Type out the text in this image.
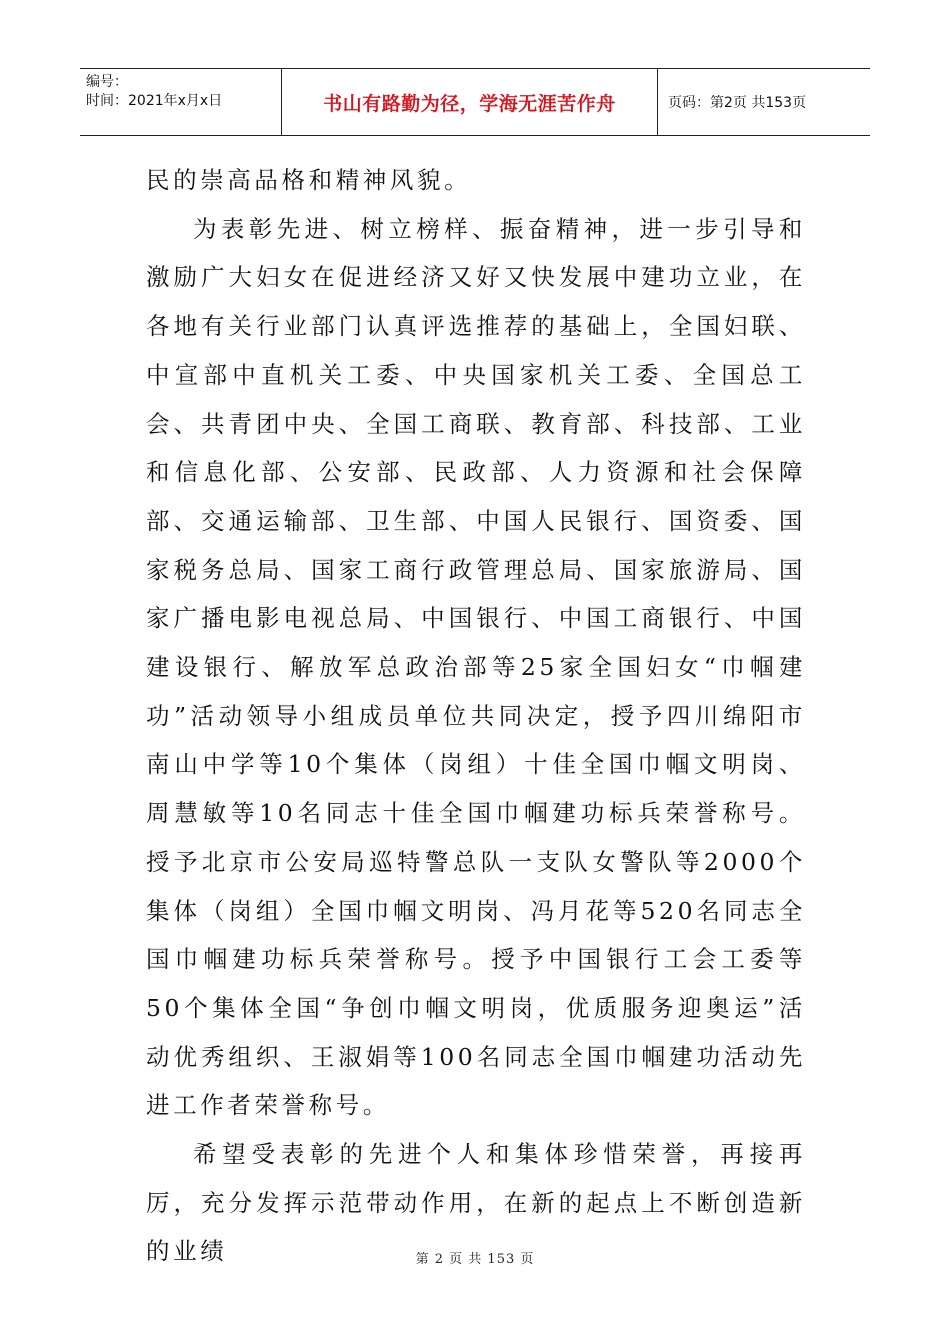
编号：
时间：2021年x月x日	书山有路勤为径，学海无涯苦作舟	页码：第2页 共153页

民的崇高品格和精神风貌。

为表彰先进、树立榜样、振奋精神，进一步引导和激励广大妇女在促进经济又好又快发展中建功立业，在各地有关行业部门认真评选推荐的基础上，全国妇联、中宣部中直机关工委、中央国家机关工委、全国总工会、共青团中央、全国工商联、教育部、科技部、工业和信息化部、公安部、民政部、人力资源和社会保障部、交通运输部、卫生部、中国人民银行、国资委、国家税务总局、国家工商行政管理总局、国家旅游局、国家广播电影电视总局、中国银行、中国工商银行、中国建设银行、解放军总政治部等25家全国妇女“巾帼建功”活动领导小组成员单位共同决定，授予四川绵阳市南山中学等10个集体（岗组）十佳全国巾帼文明岗、周慧敏等10名同志十佳全国巾帼建功标兵荣誉称号。授予北京市公安局巡特警总队一支队女警队等2000个集体（岗组）全国巾帼文明岗、冯月花等520名同志全国巾帼建功标兵荣誉称号。授予中国银行工会工委等50个集体全国“争创巾帼文明岗，优质服务迎奥运”活动优秀组织、王淑娟等100名同志全国巾帼建功活动先进工作者荣誉称号。

希望受表彰的先进个人和集体珍惜荣誉，再接再厉，充分发挥示范带动作用，在新的起点上不断创造新的业绩	第 2 页 共 153 页
